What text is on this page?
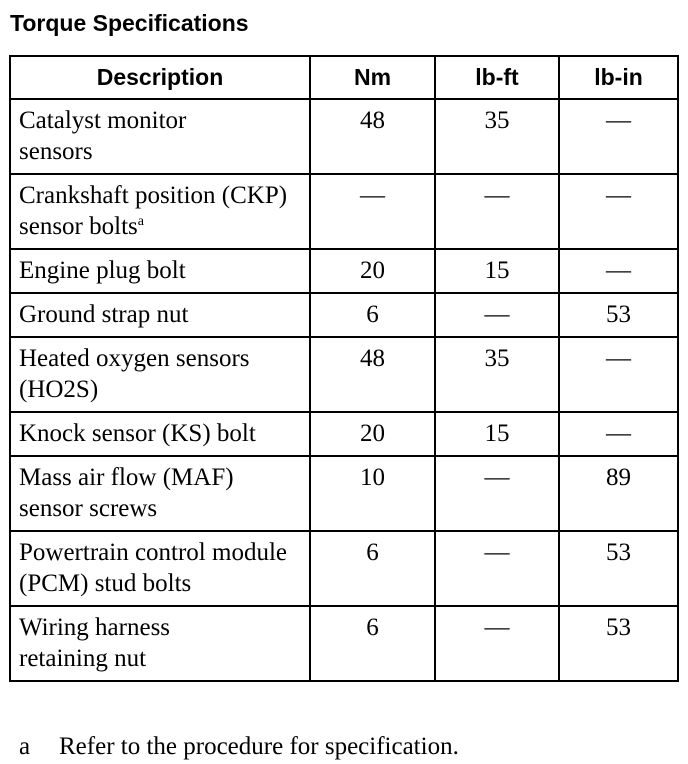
Torque Specifications
Description	Nm	lb-ft	lb-in
Catalyst monitor sensors	48	35	—
Crankshaft position (CKP) sensor bolts$^a$	—	—	—
Engine plug bolt	20	15	—
Ground strap nut	6	—	53
Heated oxygen sensors (HO2S)	48	35	—
Knock sensor (KS) bolt	20	15	—
Mass air flow (MAF) sensor screws	10	—	89
Powertrain control module (PCM) stud bolts	6	—	53
Wiring harness retaining nut	6	—	53
a Refer to the procedure for specification.
